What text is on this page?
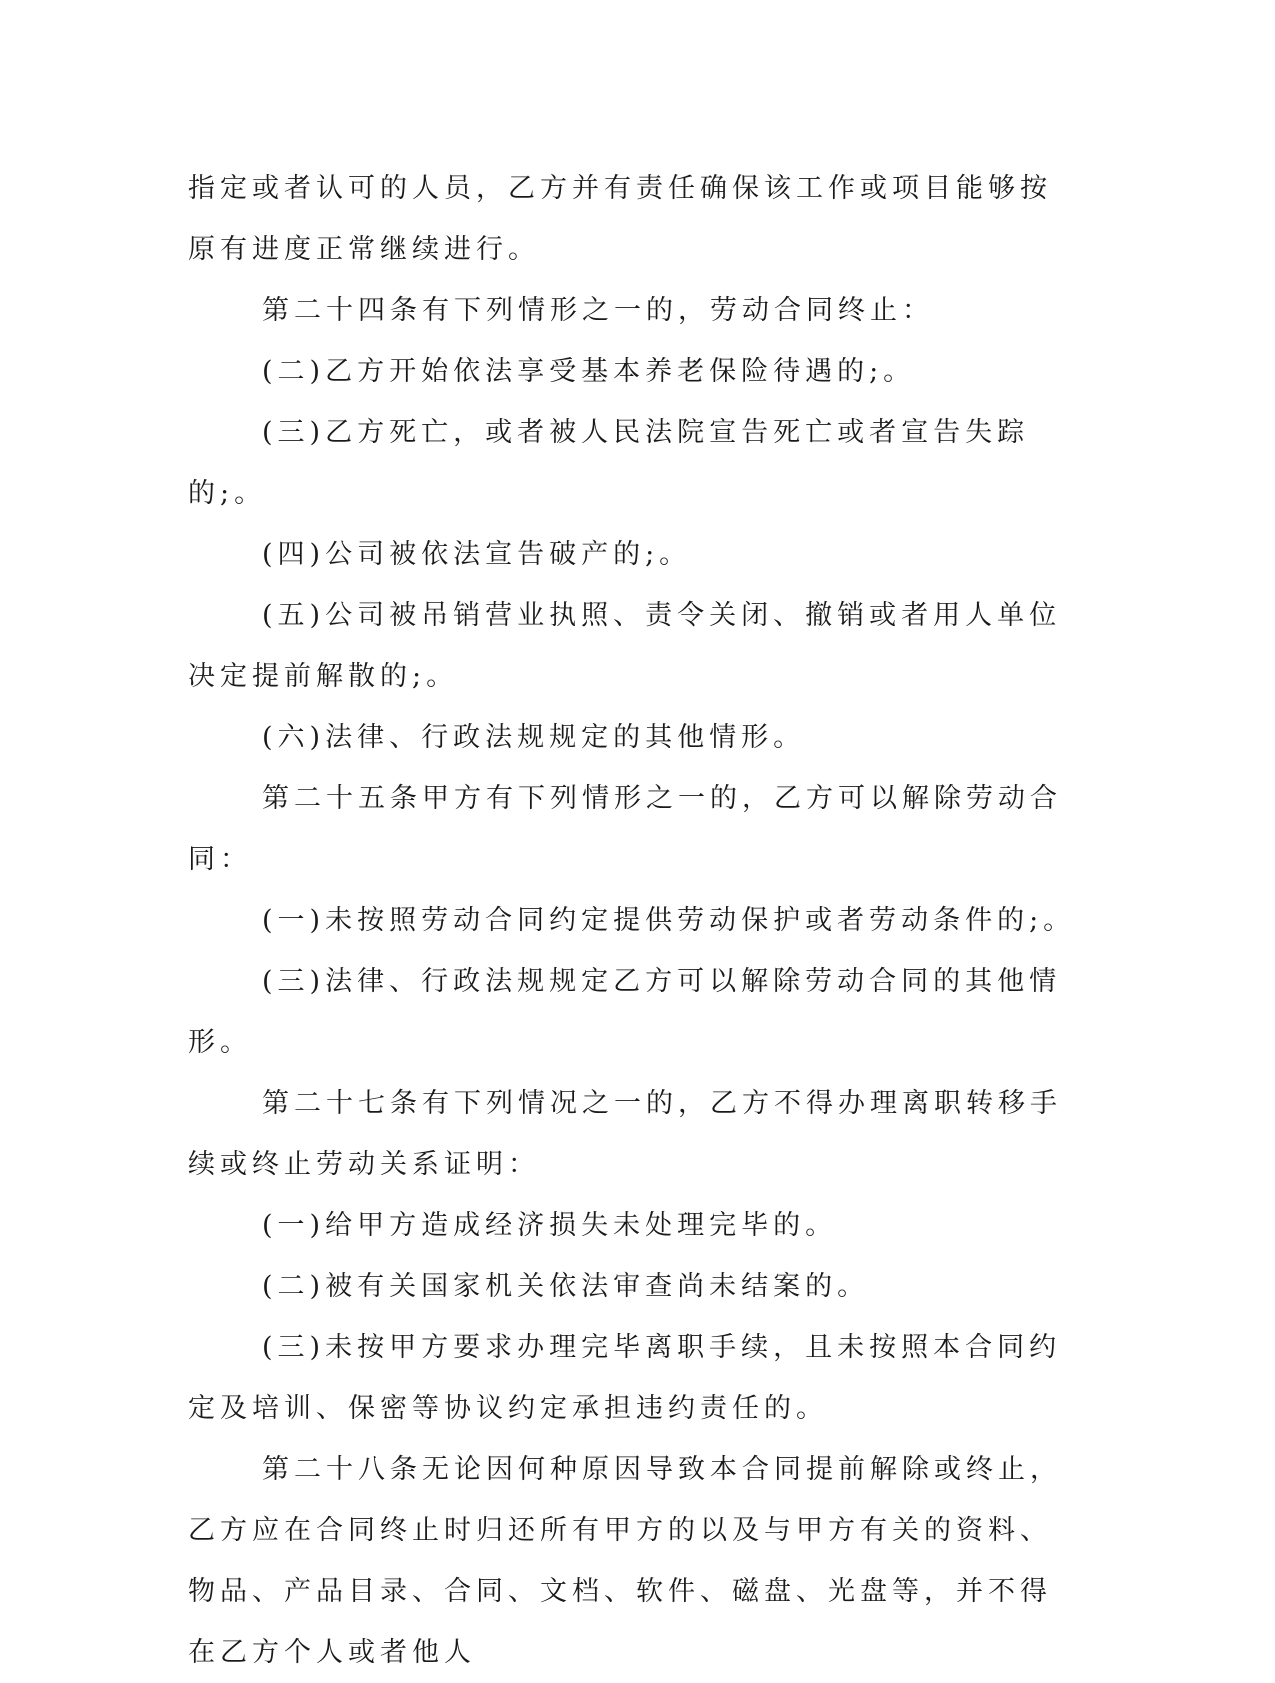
指定或者认可的人员，乙方并有责任确保该工作或项目能够按原有进度正常继续进行。

第二十四条有下列情形之一的，劳动合同终止：

(二)乙方开始依法享受基本养老保险待遇的;。

(三)乙方死亡，或者被人民法院宣告死亡或者宣告失踪的;。

(四)公司被依法宣告破产的;。

(五)公司被吊销营业执照、责令关闭、撤销或者用人单位决定提前解散的;。

(六)法律、行政法规规定的其他情形。

第二十五条甲方有下列情形之一的，乙方可以解除劳动合同：

(一)未按照劳动合同约定提供劳动保护或者劳动条件的;。

(三)法律、行政法规规定乙方可以解除劳动合同的其他情形。

第二十七条有下列情况之一的，乙方不得办理离职转移手续或终止劳动关系证明：

(一)给甲方造成经济损失未处理完毕的。

(二)被有关国家机关依法审查尚未结案的。

(三)未按甲方要求办理完毕离职手续，且未按照本合同约定及培训、保密等协议约定承担违约责任的。

第二十八条无论因何种原因导致本合同提前解除或终止，乙方应在合同终止时归还所有甲方的以及与甲方有关的资料、物品、产品目录、合同、文档、软件、磁盘、光盘等，并不得在乙方个人或者他人
